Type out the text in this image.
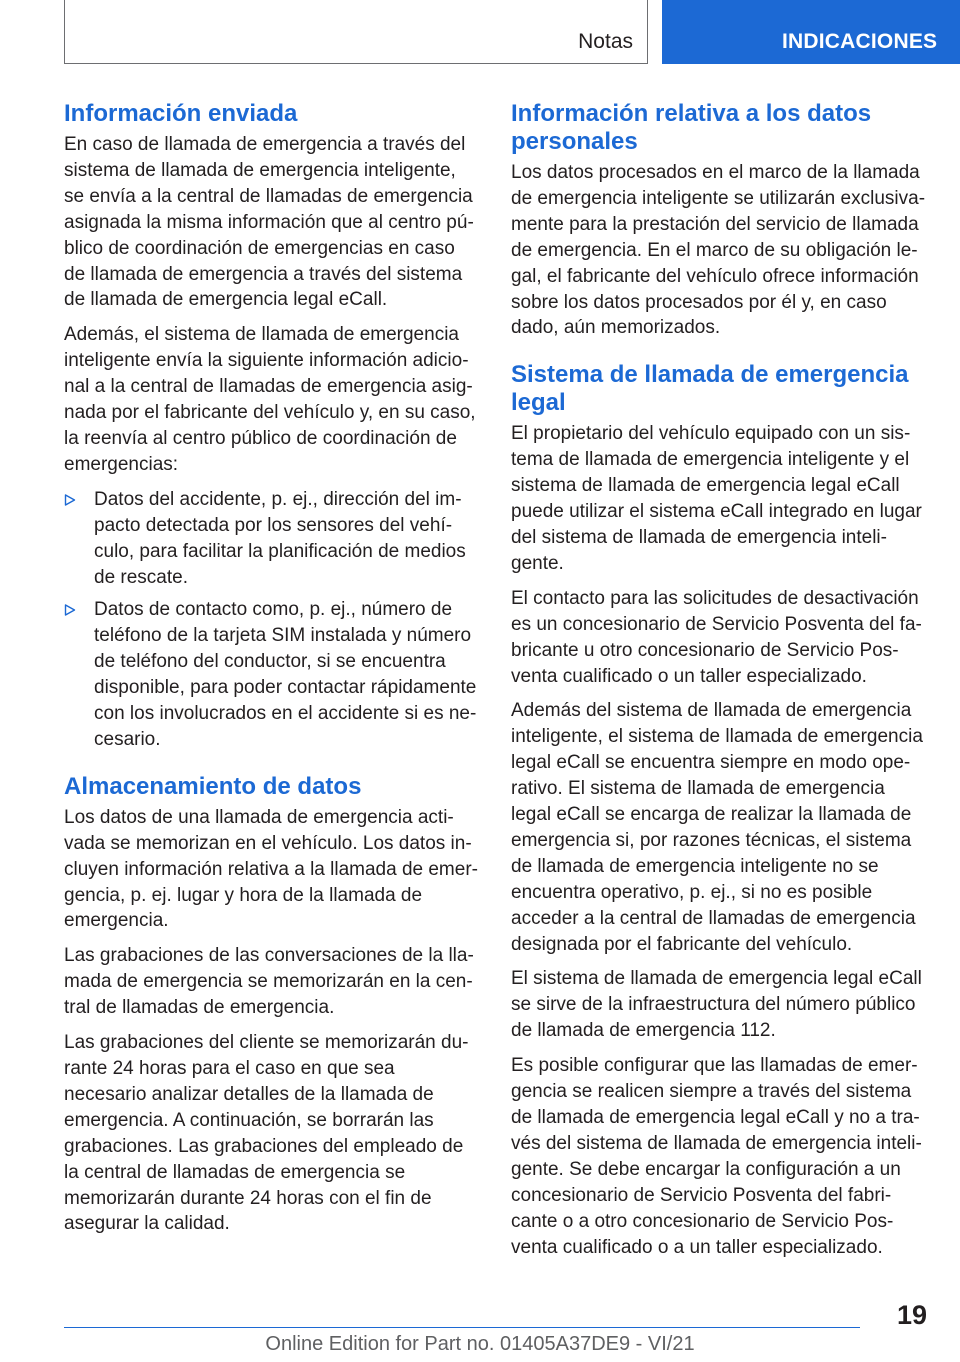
Notas	INDICACIONES
Información enviada

En caso de llamada de emergencia a través del sistema de llamada de emergencia inteligente, se envía a la central de llamadas de emergencia asignada la misma información que al centro público de coordinación de emergencias en caso de llamada de emergencia a través del sistema de llamada de emergencia legal eCall.

Además, el sistema de llamada de emergencia inteligente envía la siguiente información adicional a la central de llamadas de emergencia asignada por el fabricante del vehículo y, en su caso, la reenvía al centro público de coordinación de emergencias:

Datos del accidente, p. ej., dirección del impacto detectada por los sensores del vehículo, para facilitar la planificación de medios de rescate.
Datos de contacto como, p. ej., número de teléfono de la tarjeta SIM instalada y número de teléfono del conductor, si se encuentra disponible, para poder contactar rápidamente con los involucrados en el accidente si es necesario.
Almacenamiento de datos

Los datos de una llamada de emergencia activada se memorizan en el vehículo. Los datos incluyen información relativa a la llamada de emergencia, p. ej. lugar y hora de la llamada de emergencia.

Las grabaciones de las conversaciones de la llamada de emergencia se memorizarán en la central de llamadas de emergencia.

Las grabaciones del cliente se memorizarán durante 24 horas para el caso en que sea necesario analizar detalles de la llamada de emergencia. A continuación, se borrarán las grabaciones. Las grabaciones del empleado de la central de llamadas de emergencia se memorizarán durante 24 horas con el fin de asegurar la calidad.

Información relativa a los datos personales

Los datos procesados en el marco de la llamada de emergencia inteligente se utilizarán exclusivamente para la prestación del servicio de llamada de emergencia. En el marco de su obligación legal, el fabricante del vehículo ofrece información sobre los datos procesados por él y, en caso dado, aún memorizados.

Sistema de llamada de emergencia legal

El propietario del vehículo equipado con un sistema de llamada de emergencia inteligente y el sistema de llamada de emergencia legal eCall puede utilizar el sistema eCall integrado en lugar del sistema de llamada de emergencia inteligente.

El contacto para las solicitudes de desactivación es un concesionario de Servicio Posventa del fabricante u otro concesionario de Servicio Posventa cualificado o un taller especializado.

Además del sistema de llamada de emergencia inteligente, el sistema de llamada de emergencia legal eCall se encuentra siempre en modo operativo. El sistema de llamada de emergencia legal eCall se encarga de realizar la llamada de emergencia si, por razones técnicas, el sistema de llamada de emergencia inteligente no se encuentra operativo, p. ej., si no es posible acceder a la central de llamadas de emergencia designada por el fabricante del vehículo.

El sistema de llamada de emergencia legal eCall se sirve de la infraestructura del número público de llamada de emergencia 112.

Es posible configurar que las llamadas de emergencia se realicen siempre a través del sistema de llamada de emergencia legal eCall y no a través del sistema de llamada de emergencia inteligente. Se debe encargar la configuración a un concesionario de Servicio Posventa del fabricante o a otro concesionario de Servicio Posventa cualificado o a un taller especializado.

19
Online Edition for Part no. 01405A37DE9 - VI/21
